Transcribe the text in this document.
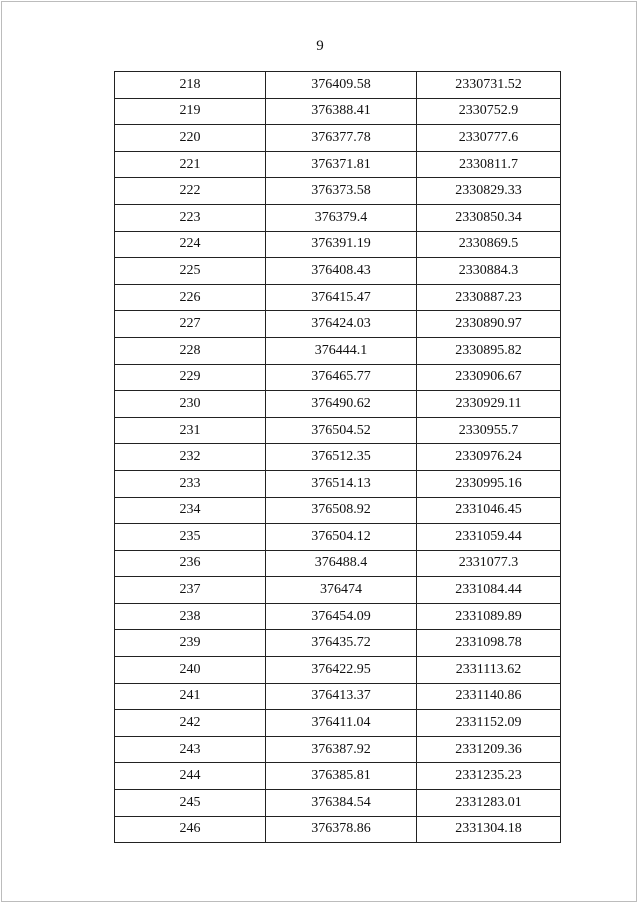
9
218	376409.58	2330731.52
219	376388.41	2330752.9
220	376377.78	2330777.6
221	376371.81	2330811.7
222	376373.58	2330829.33
223	376379.4	2330850.34
224	376391.19	2330869.5
225	376408.43	2330884.3
226	376415.47	2330887.23
227	376424.03	2330890.97
228	376444.1	2330895.82
229	376465.77	2330906.67
230	376490.62	2330929.11
231	376504.52	2330955.7
232	376512.35	2330976.24
233	376514.13	2330995.16
234	376508.92	2331046.45
235	376504.12	2331059.44
236	376488.4	2331077.3
237	376474	2331084.44
238	376454.09	2331089.89
239	376435.72	2331098.78
240	376422.95	2331113.62
241	376413.37	2331140.86
242	376411.04	2331152.09
243	376387.92	2331209.36
244	376385.81	2331235.23
245	376384.54	2331283.01
246	376378.86	2331304.18
